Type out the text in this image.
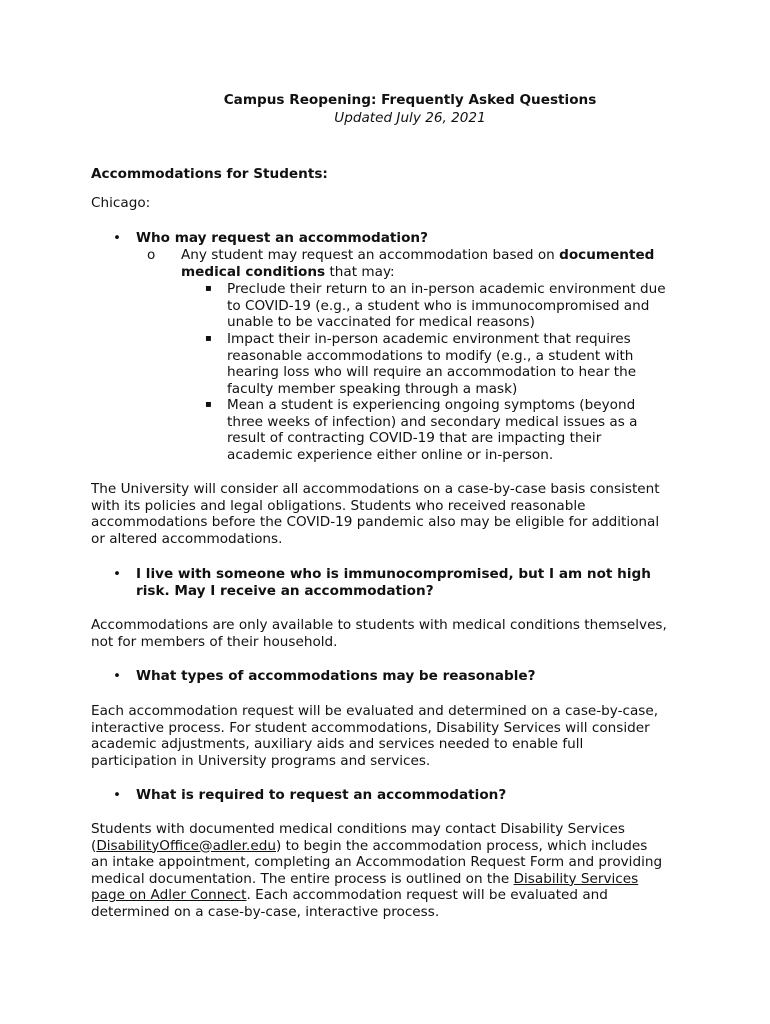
Campus Reopening: Frequently Asked Questions
Updated July 26, 2021
Accommodations for Students:
Chicago:
• Who may request an accommodation?
o Any student may request an accommodation based on documented
medical conditions that may:
▪ Preclude their return to an in-person academic environment due
to COVID-19 (e.g., a student who is immunocompromised and
unable to be vaccinated for medical reasons)
▪ Impact their in-person academic environment that requires
reasonable accommodations to modify (e.g., a student with
hearing loss who will require an accommodation to hear the
faculty member speaking through a mask)
▪ Mean a student is experiencing ongoing symptoms (beyond
three weeks of infection) and secondary medical issues as a
result of contracting COVID-19 that are impacting their
academic experience either online or in-person.
The University will consider all accommodations on a case-by-case basis consistent
with its policies and legal obligations. Students who received reasonable
accommodations before the COVID-19 pandemic also may be eligible for additional
or altered accommodations.
• I live with someone who is immunocompromised, but I am not high
risk. May I receive an accommodation?
Accommodations are only available to students with medical conditions themselves,
not for members of their household.
• What types of accommodations may be reasonable?
Each accommodation request will be evaluated and determined on a case-by-case,
interactive process. For student accommodations, Disability Services will consider
academic adjustments, auxiliary aids and services needed to enable full
participation in University programs and services.
• What is required to request an accommodation?
Students with documented medical conditions may contact Disability Services
(DisabilityOffice@adler.edu) to begin the accommodation process, which includes
an intake appointment, completing an Accommodation Request Form and providing
medical documentation. The entire process is outlined on the Disability Services
page on Adler Connect. Each accommodation request will be evaluated and
determined on a case-by-case, interactive process.
